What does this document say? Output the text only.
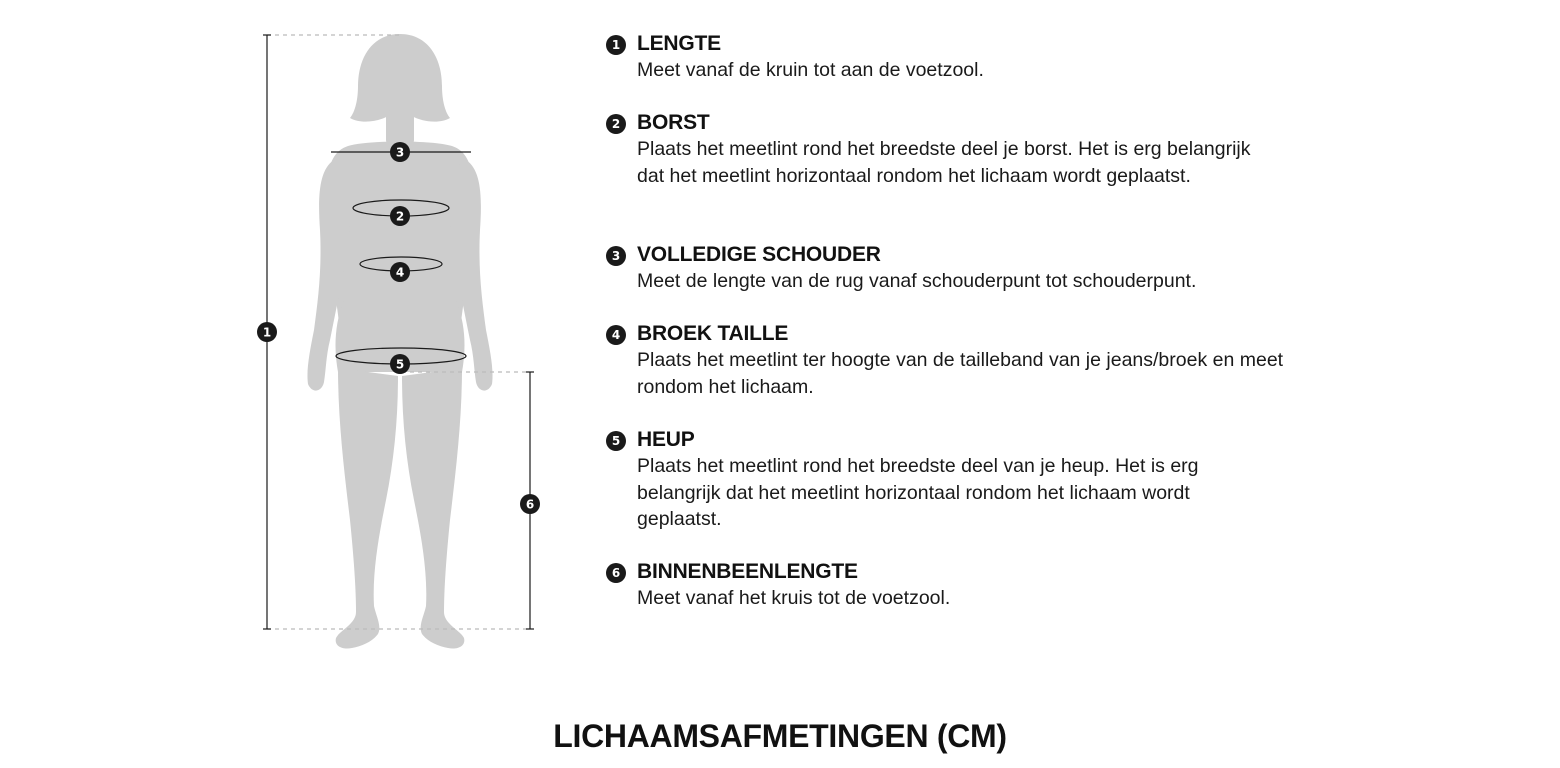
1
3
2
4
5
6
1 LENGTE

Meet vanaf de kruin tot aan de voetzool.

2 BORST

Plaats het meetlint rond het breedste deel je borst. Het is erg belangrijk dat het meetlint horizontaal rondom het lichaam wordt geplaatst.

3 VOLLEDIGE SCHOUDER

Meet de lengte van de rug vanaf schouderpunt tot schouderpunt.

4 BROEK TAILLE

Plaats het meetlint ter hoogte van de tailleband van je jeans/broek en meet rondom het lichaam.

5 HEUP

Plaats het meetlint rond het breedste deel van je heup. Het is erg belangrijk dat het meetlint horizontaal rondom het lichaam wordt geplaatst.

6 BINNENBEENLENGTE

Meet vanaf het kruis tot de voetzool.

LICHAAMSAFMETINGEN (CM)
